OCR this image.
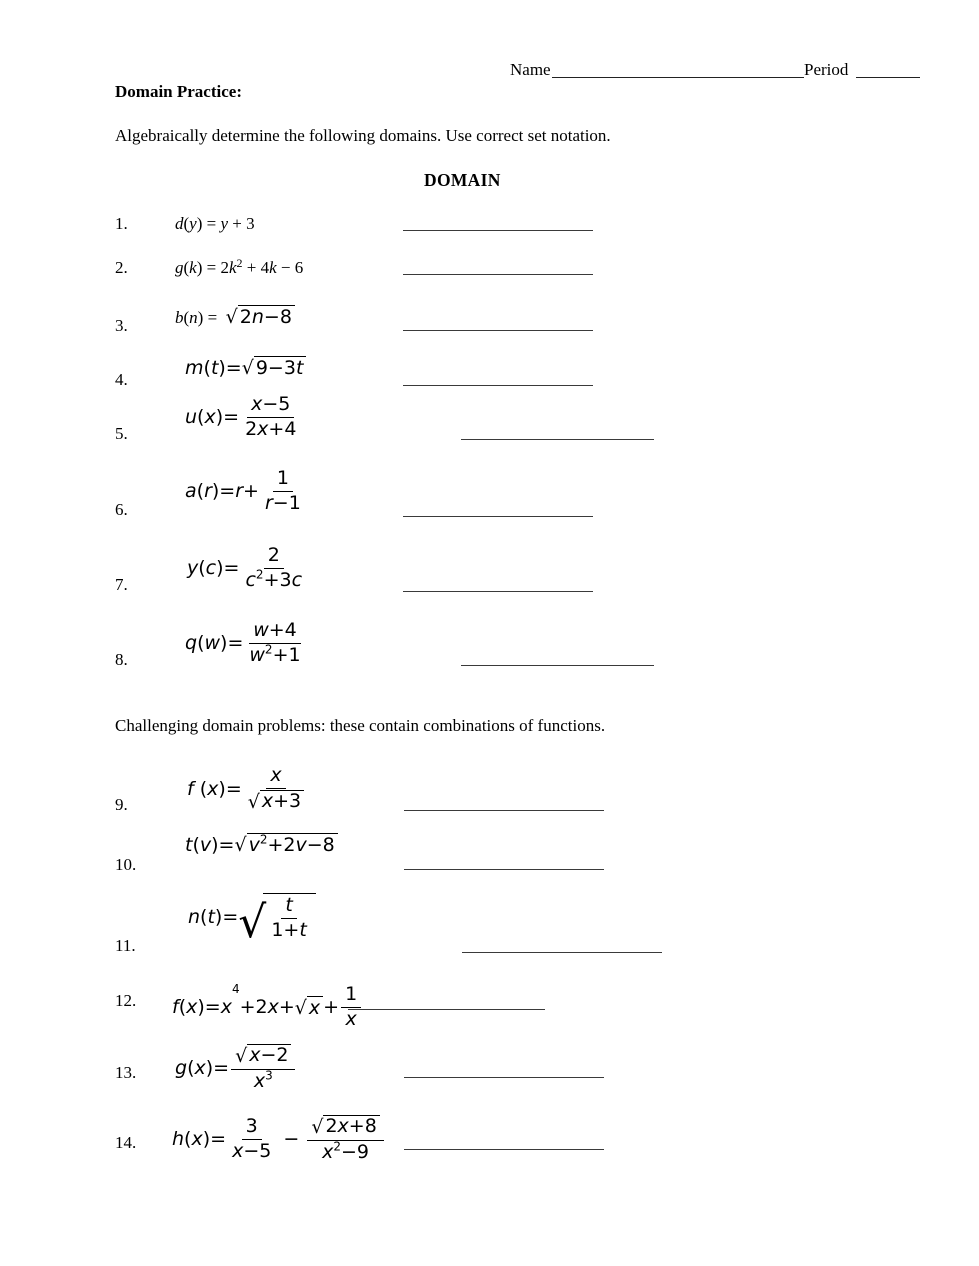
Name	Period
Domain Practice:
Algebraically determine the following domains. Use correct set notation.
DOMAIN
Challenging domain problems: these contain combinations of functions.
1.	d ( y ) = y + 3
2.	g ( k ) = 2 k 2 + 4 k − 6
3.	b ( n ) = √ 2n−8
4.
m ( t )= √ 9−3t
5.
u ( x )= $\frac{x-5}{2x+4}$
6.
a ( r )= $r + \frac{1}{r-1}$
7.
y ( c )= $\frac{2}{c^2+3c}$
8.
q ( w )= $\frac{w+4}{w^2+1}$
9.
f ( x )= $\frac{x}{√ x+3}$
10.
t ( v )= √ $v^2+2v-8$
11.
n ( t )= √ $\frac{t}{1+t}$
12. f ( x )= x
4
+2 x + √ $x + \frac{1}{x}$
13. g ( x )= $\frac{√ x-2}{x^3}$
14. h ( x )= $\frac{3}{x-5} - \frac{√ 2x+8}{x^2-9}$
